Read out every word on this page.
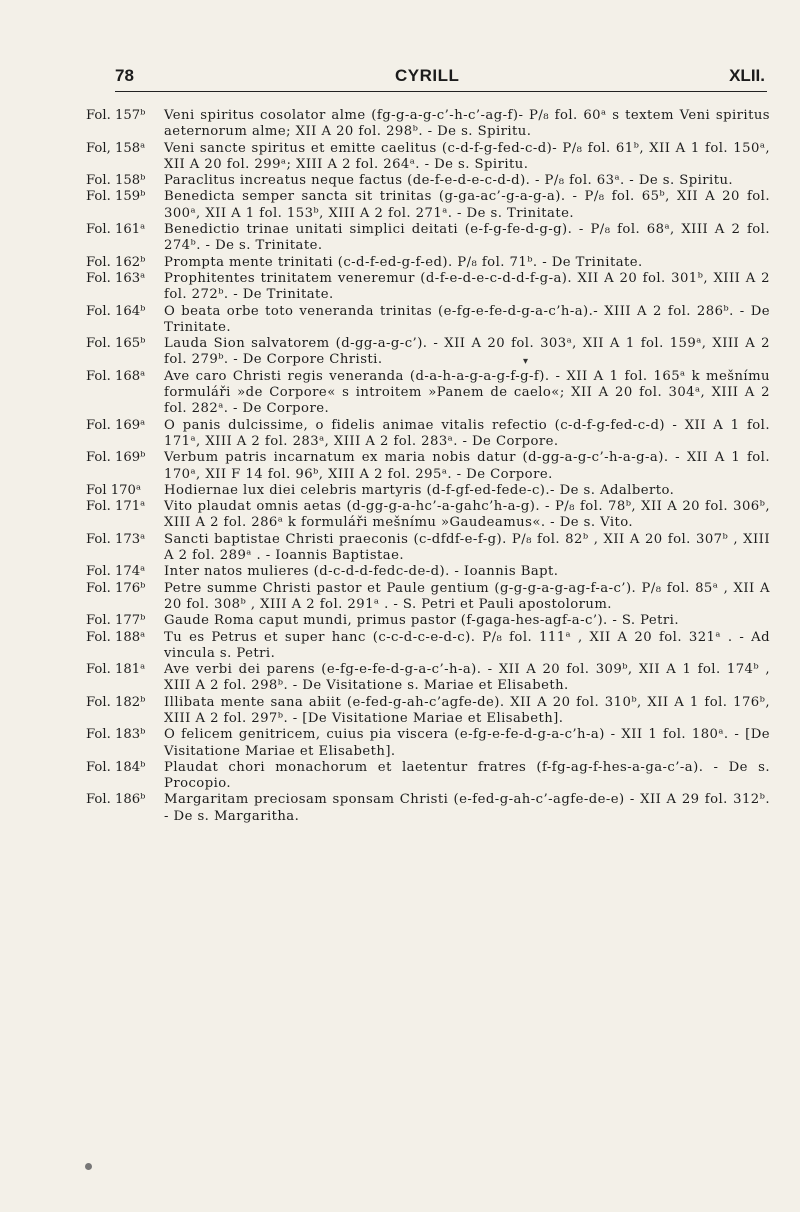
78	CYRILL	XLII.
Fol. 157ᵇ	Veni spiritus cosolator alme (fg-g-a-g-c’-h-c’-ag-f)- P/₈ fol. 60ᵃ s textem Veni spiritus aeternorum alme; XII A 20 fol. 298ᵇ. - De s. Spiritu.
Fol, 158ᵃ	Veni sancte spiritus et emitte caelitus (c-d-f-g-fed-c-d)- P/₈ fol. 61ᵇ, XII A 1 fol. 150ᵃ, XII A 20 fol. 299ᵃ; XIII A 2 fol. 264ᵃ. - De s. Spiritu.
Fol. 158ᵇ	Paraclitus increatus neque factus (de-f-e-d-e-c-d-d). - P/₈ fol. 63ᵃ. - De s. Spiritu.
Fol. 159ᵇ	Benedicta semper sancta sit trinitas (g-ga-ac’-g-a-g-a). - P/₈ fol. 65ᵇ, XII A 20 fol. 300ᵃ, XII A 1 fol. 153ᵇ, XIII A 2 fol. 271ᵃ. - De s. Trinitate.
Fol. 161ᵃ	Benedictio trinae unitati simplici deitati (e-f-g-fe-d-g-g). - P/₈ fol. 68ᵃ, XIII A 2 fol. 274ᵇ. - De s. Trinitate.
Fol. 162ᵇ	Prompta mente trinitati (c-d-f-ed-g-f-ed). P/₈ fol. 71ᵇ. - De Trinitate.
Fol. 163ᵃ	Prophitentes trinitatem veneremur (d-f-e-d-e-c-d-d-f-g-a). XII A 20 fol. 301ᵇ, XIII A 2 fol. 272ᵇ. - De Trinitate.
Fol. 164ᵇ	O beata orbe toto veneranda trinitas (e-fg-e-fe-d-g-a-c’h-a).- XIII A 2 fol. 286ᵇ. - De Trinitate.
Fol. 165ᵇ	Lauda Sion salvatorem (d-gg-a-g-c’). - XII A 20 fol. 303ᵃ, XII A 1 fol. 159ᵃ, XIII A 2 fol. 279ᵇ. - De Corpore Christi.
Fol. 168ᵃ	Ave caro Christi regis veneranda (d-a-h-a-g-a-g-f-g-f). - XII A 1 fol. 165ᵃ k mešnímu formuláři »de Corpore« s introitem »Panem de caelo«; XII A 20 fol. 304ᵃ, XIII A 2 fol. 282ᵃ. - De Corpore.
Fol. 169ᵃ	O panis dulcissime, o fidelis animae vitalis refectio (c-d-f-g-fed-c-d) - XII A 1 fol. 171ᵃ, XIII A 2 fol. 283ᵃ, XIII A 2 fol. 283ᵃ. - De Corpore.
Fol. 169ᵇ	Verbum patris incarnatum ex maria nobis datur (d-gg-a-g-c’-h-a-g-a). - XII A 1 fol. 170ᵃ, XII F 14 fol. 96ᵇ, XIII A 2 fol. 295ᵃ. - De Corpore.
Fol 170ᵃ	Hodiernae lux diei celebris martyris (d-f-gf-ed-fede-c).- De s. Adalberto.
Fol. 171ᵃ	Vito plaudat omnis aetas (d-gg-g-a-hc’-a-gahc’h-a-g). - P/₈ fol. 78ᵇ, XII A 20 fol. 306ᵇ, XIII A 2 fol. 286ᵃ k formuláři mešnímu »Gaudeamus«. - De s. Vito.
Fol. 173ᵃ	Sancti baptistae Christi praeconis (c-dfdf-e-f-g). P/₈ fol. 82ᵇ , XII A 20 fol. 307ᵇ , XIII A 2 fol. 289ᵃ . - Ioannis Baptistae.
Fol. 174ᵃ	Inter natos mulieres (d-c-d-d-fedc-de-d). - Ioannis Bapt.
Fol. 176ᵇ	Petre summe Christi pastor et Paule gentium (g-g-g-a-g-ag-f-a-c’). P/₈ fol. 85ᵃ , XII A 20 fol. 308ᵇ , XIII A 2 fol. 291ᵃ . - S. Petri et Pauli apostolorum.
Fol. 177ᵇ	Gaude Roma caput mundi, primus pastor (f-gaga-hes-agf-a-c’). - S. Petri.
Fol. 188ᵃ	Tu es Petrus et super hanc (c-c-d-c-e-d-c). P/₈ fol. 111ᵃ , XII A 20 fol. 321ᵃ . - Ad vincula s. Petri.
Fol. 181ᵃ	Ave verbi dei parens (e-fg-e-fe-d-g-a-c’-h-a). - XII A 20 fol. 309ᵇ, XII A 1 fol. 174ᵇ , XIII A 2 fol. 298ᵇ. - De Visitatione s. Mariae et Elisabeth.
Fol. 182ᵇ	Illibata mente sana abiit (e-fed-g-ah-c’agfe-de). XII A 20 fol. 310ᵇ, XII A 1 fol. 176ᵇ, XIII A 2 fol. 297ᵇ. - [De Visitatione Mariae et Elisabeth].
Fol. 183ᵇ	O felicem genitricem, cuius pia viscera (e-fg-e-fe-d-g-a-c’h-a) - XII 1 fol. 180ᵃ. - [De Visitatione Mariae et Elisabeth].
Fol. 184ᵇ	Plaudat chori monachorum et laetentur fratres (f-fg-ag-f-hes-a-ga-c’-a). - De s. Procopio.
Fol. 186ᵇ	Margaritam preciosam sponsam Christi (e-fed-g-ah-c’-agfe-de-e) - XII A 29 fol. 312ᵇ. - De s. Margaritha.
▾
